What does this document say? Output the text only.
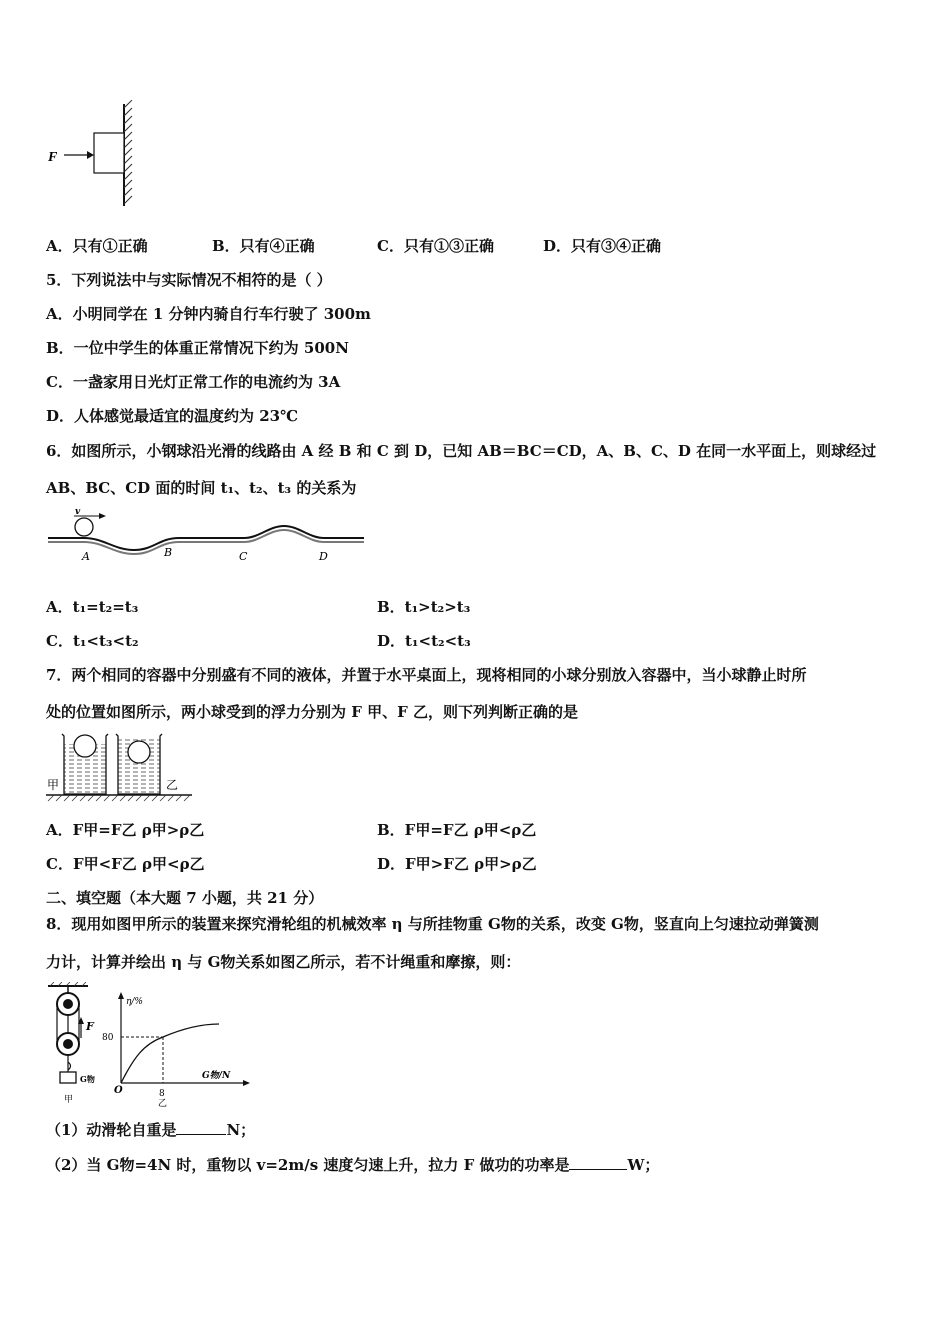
F
A．只有①正确	B．只有④正确	C．只有①③正确	D．只有③④正确
5．下列说法中与实际情况不相符的是（ ）
A．小明同学在 1 分钟内骑自行车行驶了 300m
B．一位中学生的体重正常情况下约为 500N
C．一盏家用日光灯正常工作的电流约为 3A
D．人体感觉最适宜的温度约为 23℃
6．如图所示，小钢球沿光滑的线路由 A 经 B 和 C 到 D，已知 AB＝BC＝CD，A、B、C、D 在同一水平面上，则球经过
AB、BC、CD 面的时间 t₁、t₂、t₃ 的关系为
v
A	B	C	D
A．t₁=t₂=t₃	B．t₁>t₂>t₃
C．t₁<t₃<t₂	D．t₁<t₂<t₃
7．两个相同的容器中分别盛有不同的液体，并置于水平桌面上，现将相同的小球分别放入容器中，当小球静止时所
处的位置如图所示，两小球受到的浮力分别为 F 甲、F 乙，则下列判断正确的是
甲	乙
A．F甲=F乙 ρ甲>ρ乙	B．F甲=F乙 ρ甲<ρ乙
C．F甲<F乙 ρ甲<ρ乙	D．F甲>F乙 ρ甲>ρ乙
二、填空题（本大题 7 小题，共 21 分）
8．现用如图甲所示的装置来探究滑轮组的机械效率 η 与所挂物重 G物的关系，改变 G物，竖直向上匀速拉动弹簧测
力计，计算并绘出 η 与 G物关系如图乙所示，若不计绳重和摩擦，则：
F
G物
甲
η/%
G物/N
O
80
8
乙
（1）动滑轮自重是	N；
（2）当 G物=4N 时，重物以 v=2m/s 速度匀速上升，拉力 F 做功的功率是	W；
